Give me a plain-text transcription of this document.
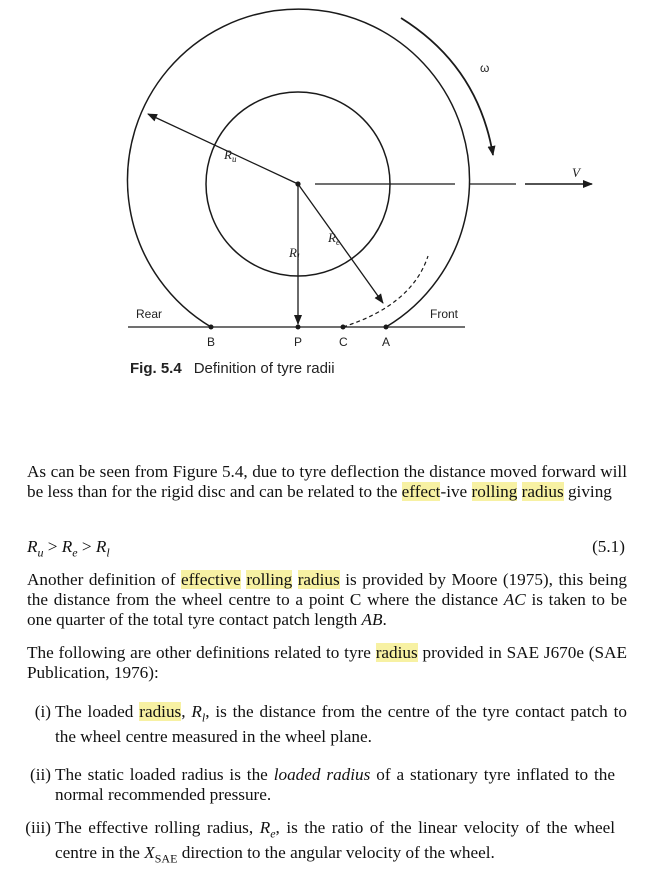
ω
V
$R_u$
$R_l$
$R_e$
Rear	Front
B	P	C	A
Fig. 5.4 Definition of tyre radii
As can be seen from Figure 5.4, due to tyre deflection the distance moved forward will be less than for the rigid disc and can be related to the effect-ive rolling radius giving
$R_u > R_e > R_l$	(5.1)
Another definition of effective rolling radius is provided by Moore (1975), this being the distance from the wheel centre to a point C where the distance AC is taken to be one quarter of the total tyre contact patch length AB.
The following are other definitions related to tyre radius provided in SAE J670e (SAE Publication, 1976):
(i) The loaded radius, $R_l$, is the distance from the centre of the tyre contact patch to the wheel centre measured in the wheel plane.
(ii) The static loaded radius is the loaded radius of a stationary tyre inflated to the normal recommended pressure.
(iii) The effective rolling radius, $R_e$, is the ratio of the linear velocity of the wheel centre in the $X_{SAE}$ direction to the angular velocity of the wheel.
